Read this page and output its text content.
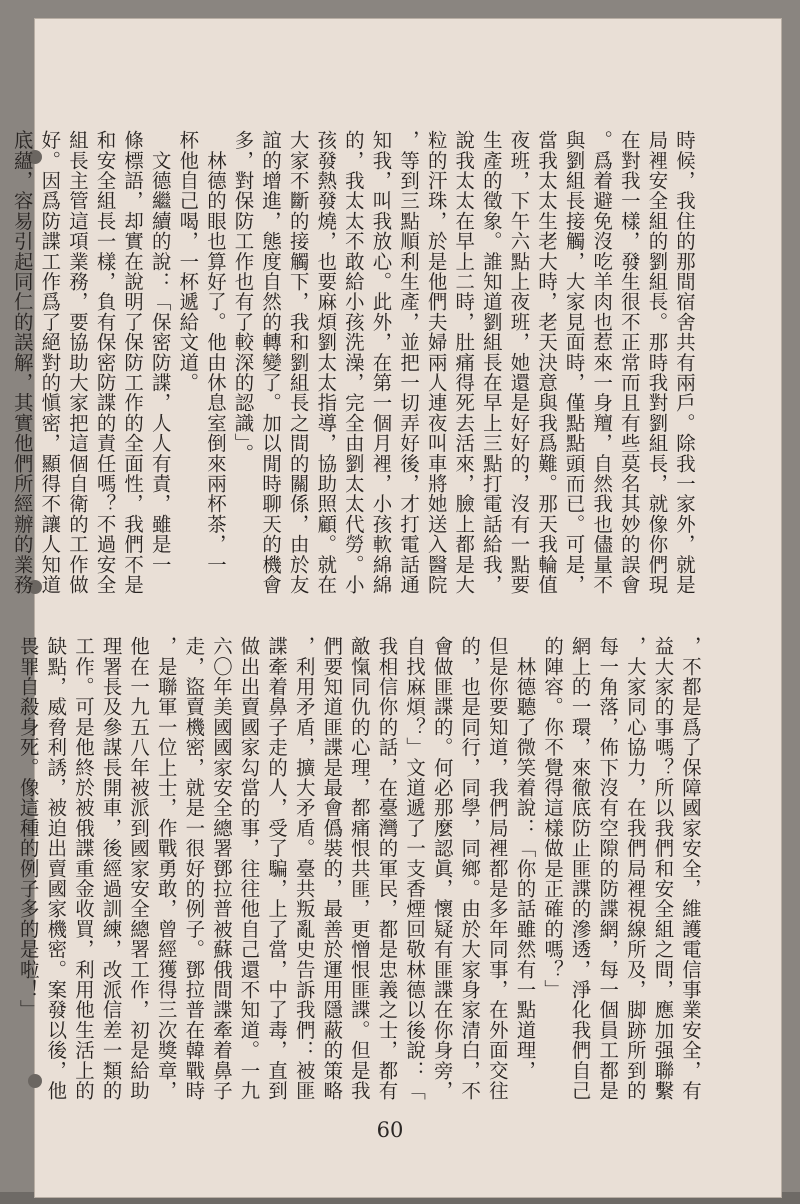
時候，我住的那間宿舍共有兩戶。除我一家外，就是
局裡安全組的劉組長。那時我對劉組長，就像你們現
在對我一樣，發生很不正常而且有些莫名其妙的誤會
。爲着避免沒吃羊肉也惹來一身羶，自然我也儘量不
與劉組長接觸，大家見面時，僅點點頭而已。可是，
當我太太生老大時，老天決意與我爲難。那天我輪值
夜班，下午六點上夜班，她還是好好的，沒有一點要
生產的徵象。誰知道劉組長在早上三點打電話給我，
說我太太在早上二時，肚痛得死去活來，臉上都是大
粒的汗珠，於是他們夫婦兩人連夜叫車將她送入醫院
，等到三點順利生產，並把一切弄好後，才打電話通
知我，叫我放心。此外，在第一個月裡，小孩軟綿綿
的，我太太不敢給小孩洗澡，完全由劉太太代勞。小
孩發熱發燒，也要麻煩劉太太指導，協助照顧。就在
大家不斷的接觸下，我和劉組長之間的關係，由於友
誼的增進，態度自然的轉變了。加以閒時聊天的機會
多，對保防工作也有了較深的認識」。
　林德的眼也算好了。他由休息室倒來兩杯茶，一
杯他自己喝，一杯遞給文道。
　文德繼續的說：「保密防諜，人人有責，雖是一
條標語，却實在說明了保防工作的全面性，我們不是
和安全組長一樣，負有保密防諜的責任嗎？不過安全
組長主管這項業務，要協助大家把這個自衛的工作做
好。因爲防諜工作爲了絕對的愼密，顯得不讓人知道
底蘊，容易引起同仁的誤解，其實他們所經辦的業務
，不都是爲了保障國家安全，維護電信事業安全，有
益大家的事嗎？所以我們和安全組之間，應加强聯繫
，大家同心協力，在我們局裡視線所及，脚跡所到的
每一角落，佈下沒有空隙的防諜網，每一個員工都是
網上的一環，來徹底防止匪諜的滲透，淨化我們自己
的陣容。你不覺得這樣做是正確的嗎？」
　林德聽了微笑着說：「你的話雖然有一點道理，
但是你要知道，我們局裡都是多年同事，在外面交往
的，也是同行，同學，同鄉。由於大家身家清白，不
會做匪諜的。何必那麼認眞，懷疑有匪諜在你身旁，
自找麻煩？」文道遞了一支香煙回敬林德以後說：「
我相信你的話，在臺灣的軍民，都是忠義之士，都有
敵愾同仇的心理，都痛恨共匪，更憎恨匪諜。但是我
們要知道匪諜是最會僞裝的，最善於運用隱蔽的策略
，利用矛盾，擴大矛盾。臺共叛亂史告訴我們：被匪
諜牽着鼻子走的人，受了騙，上了當，中了毒，直到
做出出賣國家勾當的事，往往他自己還不知道。一九
六〇年美國國家安全總署鄧拉普被蘇俄間諜牽着鼻子
走，盜賣機密，就是一很好的例子。鄧拉普在韓戰時
，是聯軍一位上士，作戰勇敢，曾經獲得三次獎章，
他在一九五八年被派到國家安全總署工作，初是給助
理署長及參謀長開車，後經過訓練，改派信差一類的
工作。可是他終於被俄諜重金收買，利用他生活上的
缺點，威脅利誘，被迫出賣國家機密。案發以後，他
畏罪自殺身死。像這種的例子多的是啦！」
60
